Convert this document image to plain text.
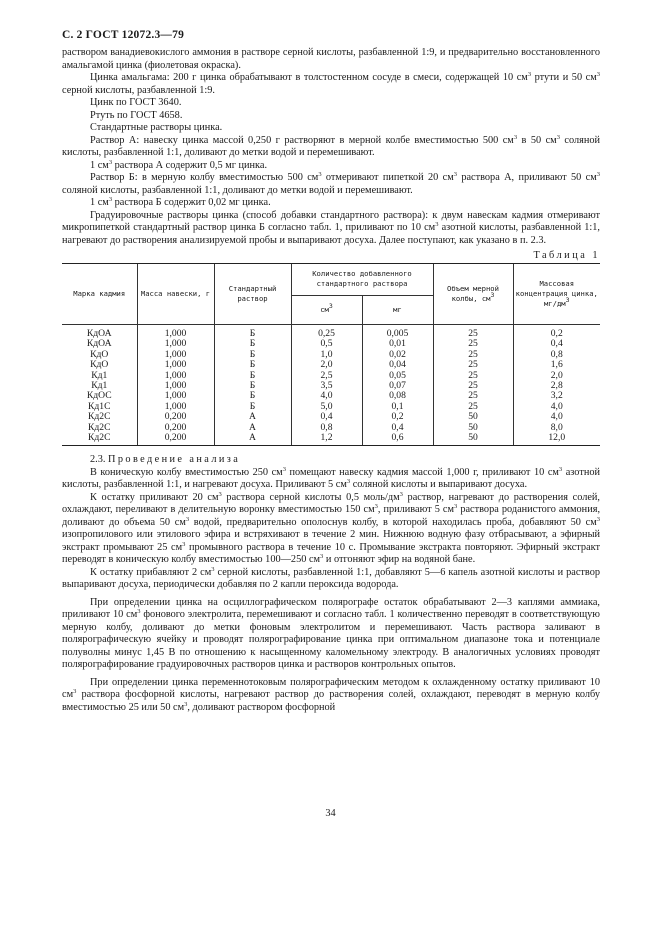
С. 2 ГОСТ 12072.3—79

раствором ванадиевокислого аммония в растворе серной кислоты, разбавленной 1:9, и предварительно восстановленного амальгамой цинка (фиолетовая окраска).

Цинка амальгама: 200 г цинка обрабатывают в толстостенном сосуде в смеси, содержащей 10 $см^3$ ртути и 50 $см^3$ серной кислоты, разбавленной 1:9.

Цинк по ГОСТ 3640.

Ртуть по ГОСТ 4658.

Стандартные растворы цинка.

Раствор А: навеску цинка массой 0,250 г растворяют в мерной колбе вместимостью 500 $см^3$ в 50 $см^3$ соляной кислоты, разбавленной 1:1, доливают до метки водой и перемешивают.

1 $см^3$ раствора А содержит 0,5 мг цинка.

Раствор Б: в мерную колбу вместимостью 500 $см^3$ отмеривают пипеткой 20 $см^3$ раствора А, приливают 50 $см^3$ соляной кислоты, разбавленной 1:1, доливают до метки водой и перемешивают.

1 $см^3$ раствора Б содержит 0,02 мг цинка.

Градуировочные растворы цинка (способ добавки стандартного раствора): к двум навескам кадмия отмеривают микропипеткой стандартный раствор цинка Б согласно табл. 1, приливают по 10 $см^3$ азотной кислоты, разбавленной 1:1, нагревают до растворения анализируемой пробы и выпаривают досуха. Далее поступают, как указано в п. 2.3.

Таблица 1
Марка кадмия	Масса навески, г	Стандартный раствор	Количество добавленного стандартного раствора		Объем мерной колбы, $см^3$	Массовая концентрация цинка, $мг/дм^3$
			$см^3$	мг		
КдОА	1,000	Б	0,25	0,005	25	0,2
КдОА	1,000	Б	0,5	0,01	25	0,4
КдО	1,000	Б	1,0	0,02	25	0,8
КдО	1,000	Б	2,0	0,04	25	1,6
Кд1	1,000	Б	2,5	0,05	25	2,0
Кд1	1,000	Б	3,5	0,07	25	2,8
КдОС	1,000	Б	4,0	0,08	25	3,2
Кд1С	1,000	Б	5,0	0,1	25	4,0
Кд2С	0,200	А	0,4	0,2	50	4,0
Кд2С	0,200	А	0,8	0,4	50	8,0
Кд2С	0,200	А	1,2	0,6	50	12,0

2.3. Проведение анализа

В коническую колбу вместимостью 250 $см^3$ помещают навеску кадмия массой 1,000 г, приливают 10 $см^3$ азотной кислоты, разбавленной 1:1, и нагревают досуха. Приливают 5 $см^3$ соляной кислоты и выпаривают досуха.

К остатку приливают 20 $см^3$ раствора серной кислоты 0,5 моль/$дм^3$ раствор, нагревают до растворения солей, охлаждают, переливают в делительную воронку вместимостью 150 $см^3$, приливают 5 $см^3$ раствора роданистого аммония, доливают до объема 50 $см^3$ водой, предварительно ополоснув колбу, в которой находилась проба, добавляют 50 $см^3$ изопропилового или этилового эфира и встряхивают в течение 2 мин. Нижнюю водную фазу отбрасывают, а эфирный экстракт промывают 25 $см^3$ промывного раствора в течение 10 с. Промывание экстракта повторяют. Эфирный экстракт переводят в коническую колбу вместимостью 100—250 $см^3$ и отгоняют эфир на водяной бане.

К остатку прибавляют 2 $см^3$ серной кислоты, разбавленной 1:1, добавляют 5—6 капель азотной кислоты и раствор выпаривают досуха, периодически добавляя по 2 капли пероксида водорода.

При определении цинка на осциллографическом полярографе остаток обрабатывают 2—3 каплями аммиака, приливают 10 $см^3$ фонового электролита, перемешивают и согласно табл. 1 количественно переводят в соответствующую мерную колбу, доливают до метки фоновым электролитом и перемешивают. Часть раствора заливают в полярографическую ячейку и проводят полярографирование цинка при оптимальном диапазоне тока и потенциале полуволны минус 1,45 В по отношению к насыщенному каломельному электроду. В аналогичных условиях проводят полярографирование градуировочных растворов цинка и растворов контрольных опытов.

При определении цинка переменнотоковым полярографическим методом к охлажденному остатку приливают 10 $см^3$ раствора фосфорной кислоты, нагревают раствор до растворения солей, охлаждают, переводят в мерную колбу вместимостью 25 или 50 $см^3$, доливают раствором фосфорной

34
